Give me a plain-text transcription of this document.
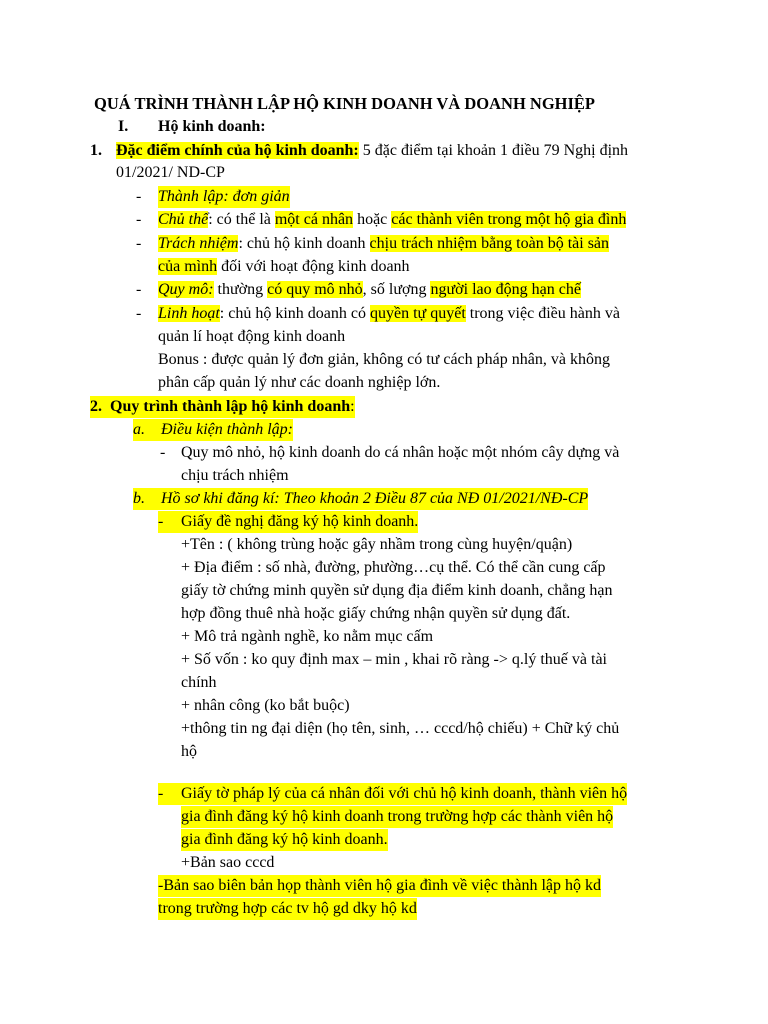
QUÁ TRÌNH THÀNH LẬP HỘ KINH DOANH VÀ DOANH NGHIỆP
I. Hộ kinh doanh:
1. Đặc điểm chính của hộ kinh doanh: 5 đặc điểm tại khoản 1 điều 79 Nghị định
01/2021/ ND-CP
- Thành lập: đơn giản
- Chủ thể: có thể là một cá nhân hoặc các thành viên trong một hộ gia đình
- Trách nhiệm: chủ hộ kinh doanh chịu trách nhiệm bằng toàn bộ tài sản
của mình đối với hoạt động kinh doanh
- Quy mô: thường có quy mô nhỏ, số lượng người lao động hạn chế
- Linh hoạt: chủ hộ kinh doanh có quyền tự quyết trong việc điều hành và
quản lí hoạt động kinh doanh
Bonus : được quản lý đơn giản, không có tư cách pháp nhân, và không
phân cấp quản lý như các doanh nghiệp lớn.
2. Quy trình thành lập hộ kinh doanh:
a. Điều kiện thành lập:
- Quy mô nhỏ, hộ kinh doanh do cá nhân hoặc một nhóm cây dựng và
chịu trách nhiệm
b. Hồ sơ khi đăng kí: Theo khoản 2 Điều 87 của NĐ 01/2021/NĐ-CP
-	Giấy đề nghị đăng ký hộ kinh doanh.
+Tên : ( không trùng hoặc gây nhầm trong cùng huyện/quận)
+ Địa điểm : số nhà, đường, phường…cụ thể. Có thể cần cung cấp
giấy tờ chứng minh quyền sử dụng địa điểm kinh doanh, chẳng hạn
hợp đồng thuê nhà hoặc giấy chứng nhận quyền sử dụng đất.
+ Mô trả ngành nghề, ko nằm mục cấm
+ Số vốn : ko quy định max – min , khai rõ ràng -> q.lý thuế và tài
chính
+ nhân công (ko bắt buộc)
+thông tin ng đại diện (họ tên, sinh, … cccd/hộ chiếu) + Chữ ký chủ
hộ
-	Giấy tờ pháp lý của cá nhân đối với chủ hộ kinh doanh, thành viên hộ
gia đình đăng ký hộ kinh doanh trong trường hợp các thành viên hộ
gia đình đăng ký hộ kinh doanh.
+Bản sao cccd
-Bản sao biên bản họp thành viên hộ gia đình về việc thành lập hộ kd
trong trường hợp các tv hộ gd dky hộ kd
